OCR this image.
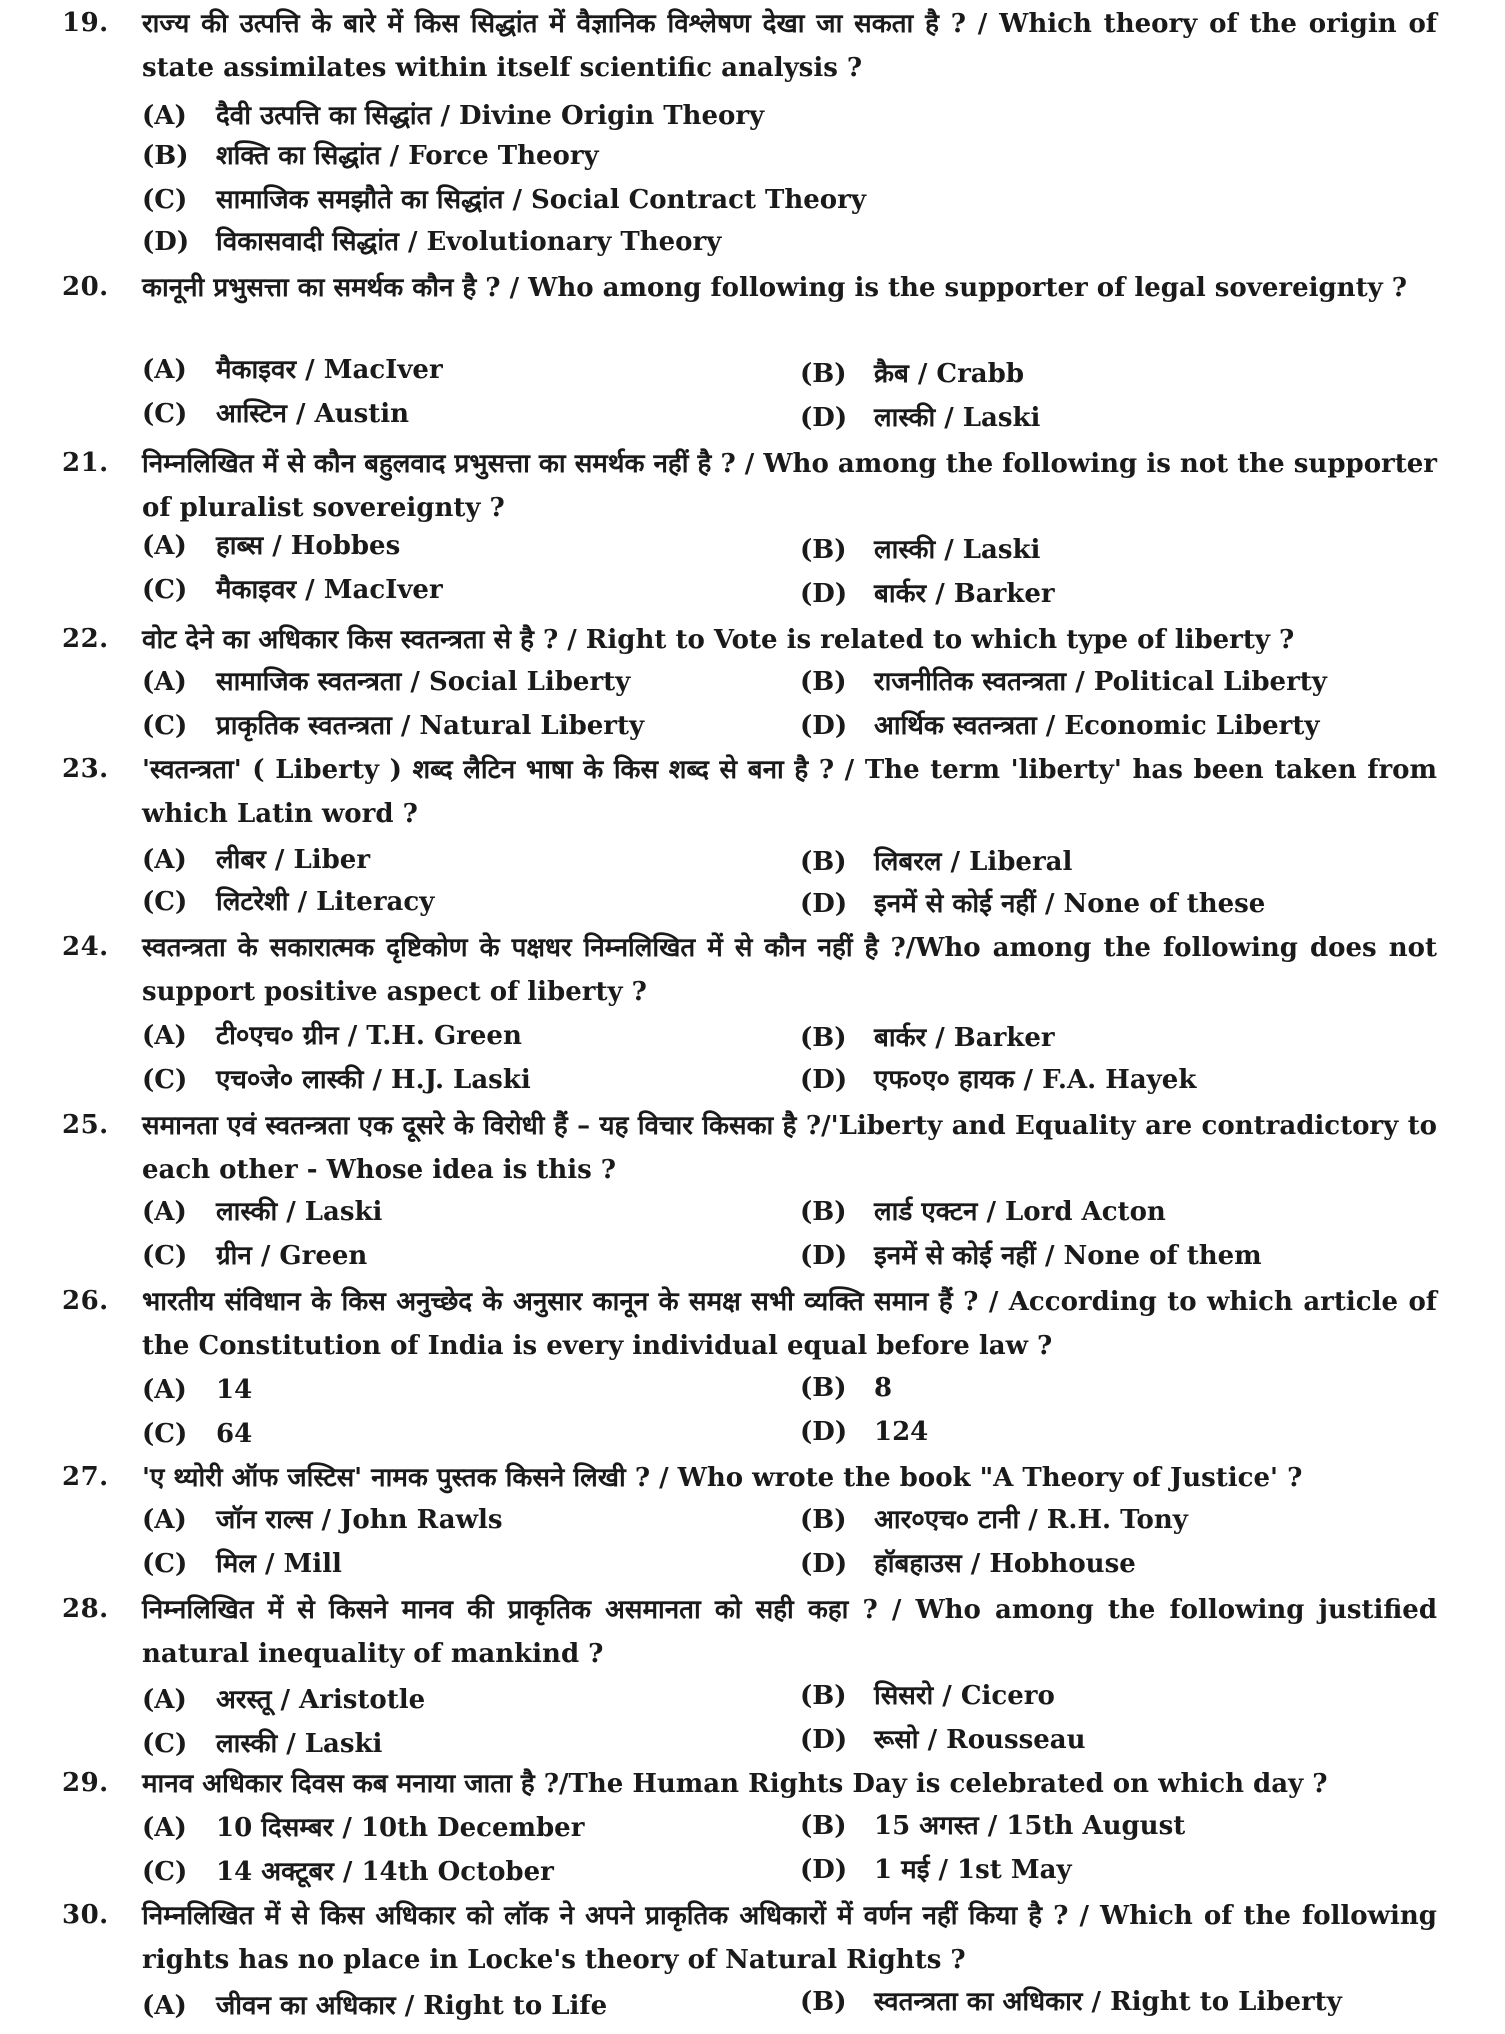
19. राज्य की उत्पत्ति के बारे में किस सिद्धांत में वैज्ञानिक विश्लेषण देखा जा सकता है ? / Which theory of the origin of state assimilates within itself scientific analysis ?
(A) दैवी उत्पत्ति का सिद्धांत / Divine Origin Theory
(B) शक्ति का सिद्धांत / Force Theory
(C) सामाजिक समझौते का सिद्धांत / Social Contract Theory
(D) विकासवादी सिद्धांत / Evolutionary Theory
20. कानूनी प्रभुसत्ता का समर्थक कौन है ? / Who among following is the supporter of legal sovereignty ?
(A) मैकाइवर / MacIver	(B) क्रैब / Crabb
(C) आस्टिन / Austin	(D) लास्की / Laski
21. निम्नलिखित में से कौन बहुलवाद प्रभुसत्ता का समर्थक नहीं है ? / Who among the following is not the supporter of pluralist sovereignty ?
(A) हाब्स / Hobbes	(B) लास्की / Laski
(C) मैकाइवर / MacIver	(D) बार्कर / Barker
22. वोट देने का अधिकार किस स्वतन्त्रता से है ? / Right to Vote is related to which type of liberty ?
(A) सामाजिक स्वतन्त्रता / Social Liberty	(B) राजनीतिक स्वतन्त्रता / Political Liberty
(C) प्राकृतिक स्वतन्त्रता / Natural Liberty	(D) आर्थिक स्वतन्त्रता / Economic Liberty
23. 'स्वतन्त्रता' ( Liberty ) शब्द लैटिन भाषा के किस शब्द से बना है ? / The term 'liberty' has been taken from which Latin word ?
(A) लीबर / Liber	(B) लिबरल / Liberal
(C) लिटरेशी / Literacy	(D) इनमें से कोई नहीं / None of these
24. स्वतन्त्रता के सकारात्मक दृष्टिकोण के पक्षधर निम्नलिखित में से कौन नहीं है ?/Who among the following does not support positive aspect of liberty ?
(A) टी०एच० ग्रीन / T.H. Green	(B) बार्कर / Barker
(C) एच०जे० लास्की / H.J. Laski	(D) एफ०ए० हायक / F.A. Hayek
25. समानता एवं स्वतन्त्रता एक दूसरे के विरोधी हैं – यह विचार किसका है ?/'Liberty and Equality are contradictory to each other - Whose idea is this ?
(A) लास्की / Laski	(B) लार्ड एक्टन / Lord Acton
(C) ग्रीन / Green	(D) इनमें से कोई नहीं / None of them
26. भारतीय संविधान के किस अनुच्छेद के अनुसार कानून के समक्ष सभी व्यक्ति समान हैं ? / According to which article of the Constitution of India is every individual equal before law ?
(A) 14	(B) 8
(C) 64	(D) 124
27. 'ए थ्योरी ऑफ जस्टिस' नामक पुस्तक किसने लिखी ? / Who wrote the book "A Theory of Justice' ?
(A) जॉन राल्स / John Rawls	(B) आर०एच० टानी / R.H. Tony
(C) मिल / Mill	(D) हॉबहाउस / Hobhouse
28. निम्नलिखित में से किसने मानव की प्राकृतिक असमानता को सही कहा ? / Who among the following justified natural inequality of mankind ?
(A) अरस्तू / Aristotle	(B) सिसरो / Cicero
(C) लास्की / Laski	(D) रूसो / Rousseau
29. मानव अधिकार दिवस कब मनाया जाता है ?/The Human Rights Day is celebrated on which day ?
(A) 10 दिसम्बर / 10th December	(B) 15 अगस्त / 15th August
(C) 14 अक्टूबर / 14th October	(D) 1 मई / 1st May
30. निम्नलिखित में से किस अधिकार को लॉक ने अपने प्राकृतिक अधिकारों में वर्णन नहीं किया है ? / Which of the following rights has no place in Locke's theory of Natural Rights ?
(A) जीवन का अधिकार / Right to Life	(B) स्वतन्त्रता का अधिकार / Right to Liberty
